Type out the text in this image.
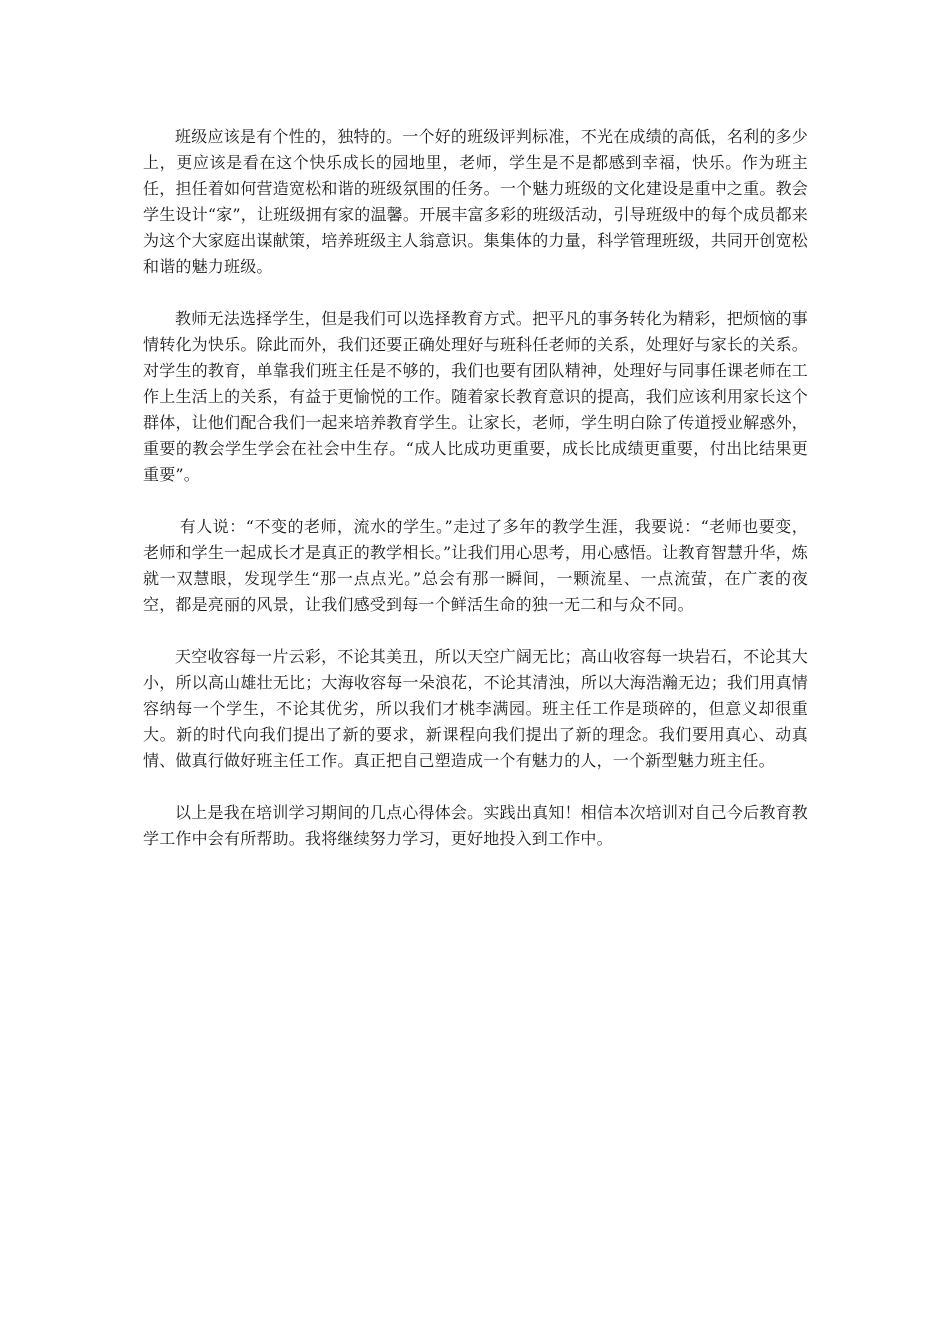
班级应该是有个性的，独特的。一个好的班级评判标准，不光在成绩的高低，名利的多少上，更应该是看在这个快乐成长的园地里，老师，学生是不是都感到幸福，快乐。作为班主任，担任着如何营造宽松和谐的班级氛围的任务。一个魅力班级的文化建设是重中之重。教会学生设计“家”，让班级拥有家的温馨。开展丰富多彩的班级活动，引导班级中的每个成员都来为这个大家庭出谋献策，培养班级主人翁意识。集集体的力量，科学管理班级，共同开创宽松和谐的魅力班级。

教师无法选择学生，但是我们可以选择教育方式。把平凡的事务转化为精彩，把烦恼的事情转化为快乐。除此而外，我们还要正确处理好与班科任老师的关系，处理好与家长的关系。对学生的教育，单靠我们班主任是不够的，我们也要有团队精神，处理好与同事任课老师在工作上生活上的关系，有益于更愉悦的工作。随着家长教育意识的提高，我们应该利用家长这个群体，让他们配合我们一起来培养教育学生。让家长，老师，学生明白除了传道授业解惑外，重要的教会学生学会在社会中生存。“成人比成功更重要，成长比成绩更重要，付出比结果更重要”。

有人说：“不变的老师，流水的学生。”走过了多年的教学生涯，我要说：“老师也要变，老师和学生一起成长才是真正的教学相长。”让我们用心思考，用心感悟。让教育智慧升华，炼就一双慧眼，发现学生“那一点点光。”总会有那一瞬间，一颗流星、一点流萤，在广袤的夜空，都是亮丽的风景，让我们感受到每一个鲜活生命的独一无二和与众不同。

天空收容每一片云彩，不论其美丑，所以天空广阔无比；高山收容每一块岩石，不论其大小，所以高山雄壮无比；大海收容每一朵浪花，不论其清浊，所以大海浩瀚无边；我们用真情容纳每一个学生，不论其优劣，所以我们才桃李满园。班主任工作是琐碎的，但意义却很重大。新的时代向我们提出了新的要求，新课程向我们提出了新的理念。我们要用真心、动真情、做真行做好班主任工作。真正把自己塑造成一个有魅力的人，一个新型魅力班主任。

以上是我在培训学习期间的几点心得体会。实践出真知！相信本次培训对自己今后教育教学工作中会有所帮助。我将继续努力学习，更好地投入到工作中。
